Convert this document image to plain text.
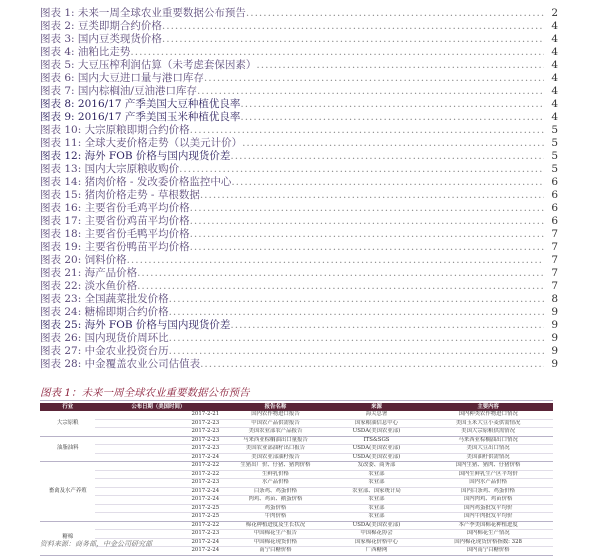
图表 1: 未来一周全球农业重要数据公布预告 .....	2
图表 2: 豆类即期合约价格 .....	4
图表 3: 国内豆类现货价格 .....	4
图表 4: 油粕比走势 .....	4
图表 5: 大豆压榨利润估算（未考虑套保因素） .....	4
图表 6: 国内大豆进口量与港口库存 .....	4
图表 7: 国内棕榈油/豆油港口库存 .....	4
图表 8: 2016/17 产季美国大豆种植优良率 .....	4
图表 9: 2016/17 产季美国玉米种植优良率 .....	4
图表 10: 大宗原粮即期合约价格 .....	5
图表 11: 全球大麦价格走势（以美元计价） .....	5
图表 12: 海外 FOB 价格与国内现货价差 .....	5
图表 13: 国内大宗原粮收购价 .....	5
图表 14: 猪肉价格 - 发改委价格监控中心 .....	6
图表 15: 猪肉价格走势 - 草根数据 .....	6
图表 16: 主要省份毛鸡平均价格 .....	6
图表 17: 主要省份鸡苗平均价格 .....	6
图表 18: 主要省份毛鸭平均价格 .....	7
图表 19: 主要省份鸭苗平均价格 .....	7
图表 20: 饲料价格 .....	7
图表 21: 海产品价格 .....	7
图表 22: 淡水鱼价格 .....	7
图表 23: 全国蔬菜批发价格 .....	8
图表 24: 糖棉即期合约价格 .....	9
图表 25: 海外 FOB 价格与国内现货价差 .....	9
图表 26: 国内现货价周环比 .....	9
图表 27: 中金农业投资台历 .....	9
图表 28: 中金覆盖农业公司估值表 .....	9
图表 1：未来一周全球农业重要数据公布预告
行业	公布日期（美国时间）	报告名称	来源	主要内容
大宗原粮	2017-2-21	国内农作物进口报告	海关总署	国内种类农作物进口情况
	2017-2-23	中国农产品供需报告	国家粮油信息中心	美国玉米大豆小麦供需情况
	2017-2-23	美国农业部农产品报告	USDA(美国农业部)	美国大宗原粮供需情况
油脂油料	2017-2-23	马来西亚棕榈油出口量报告	ITS&SGS	马来西亚棕榈油出口情况
	2017-2-23	美国农业部油籽出口报告	USDA(美国农业部)	美国大豆出口情况
	2017-2-24	美国农业部油籽报告	USDA(美国农业部)	美国油籽供需情况
畜禽及水产养殖	2017-2-22	生猪出厂价、仔猪、猪肉价格	发改委、商务部	国内生猪、猪肉、仔猪价格
	2017-2-22	生鲜乳价格	农业部	国内生鲜乳生产区平均价
	2017-2-23	水产品价格	农业部	国内水产品价格
	2017-2-24	白条鸡、鸡蛋价格	农业部、国家统计局	国内白条鸡、鸡蛋价格
	2017-2-24	肉鸡、鸡苗、鹅蛋价格	农业部	国内肉鸡、鸡苗价格
	2017-2-25	鸡蛋价格	农业部	国内鸡蛋批发平均价
	2017-2-25	牛肉价格	农业部	国内牛肉批发平均价
糖棉	2017-2-22	棉花种植进度及生长状况	USDA(美国农业部)	本产季美国棉花种植进度
	2017-2-23	中国棉花生产报告	中国棉花协会	国内棉花生产情况
	2017-2-24	中国棉花现货价格	国家棉花价格中心	国内棉花现货价格指数: 328
	2017-2-24	南宁白糖价格	广西糖网	国内南宁白糖价格
资料来源：商务部，中金公司研究部
